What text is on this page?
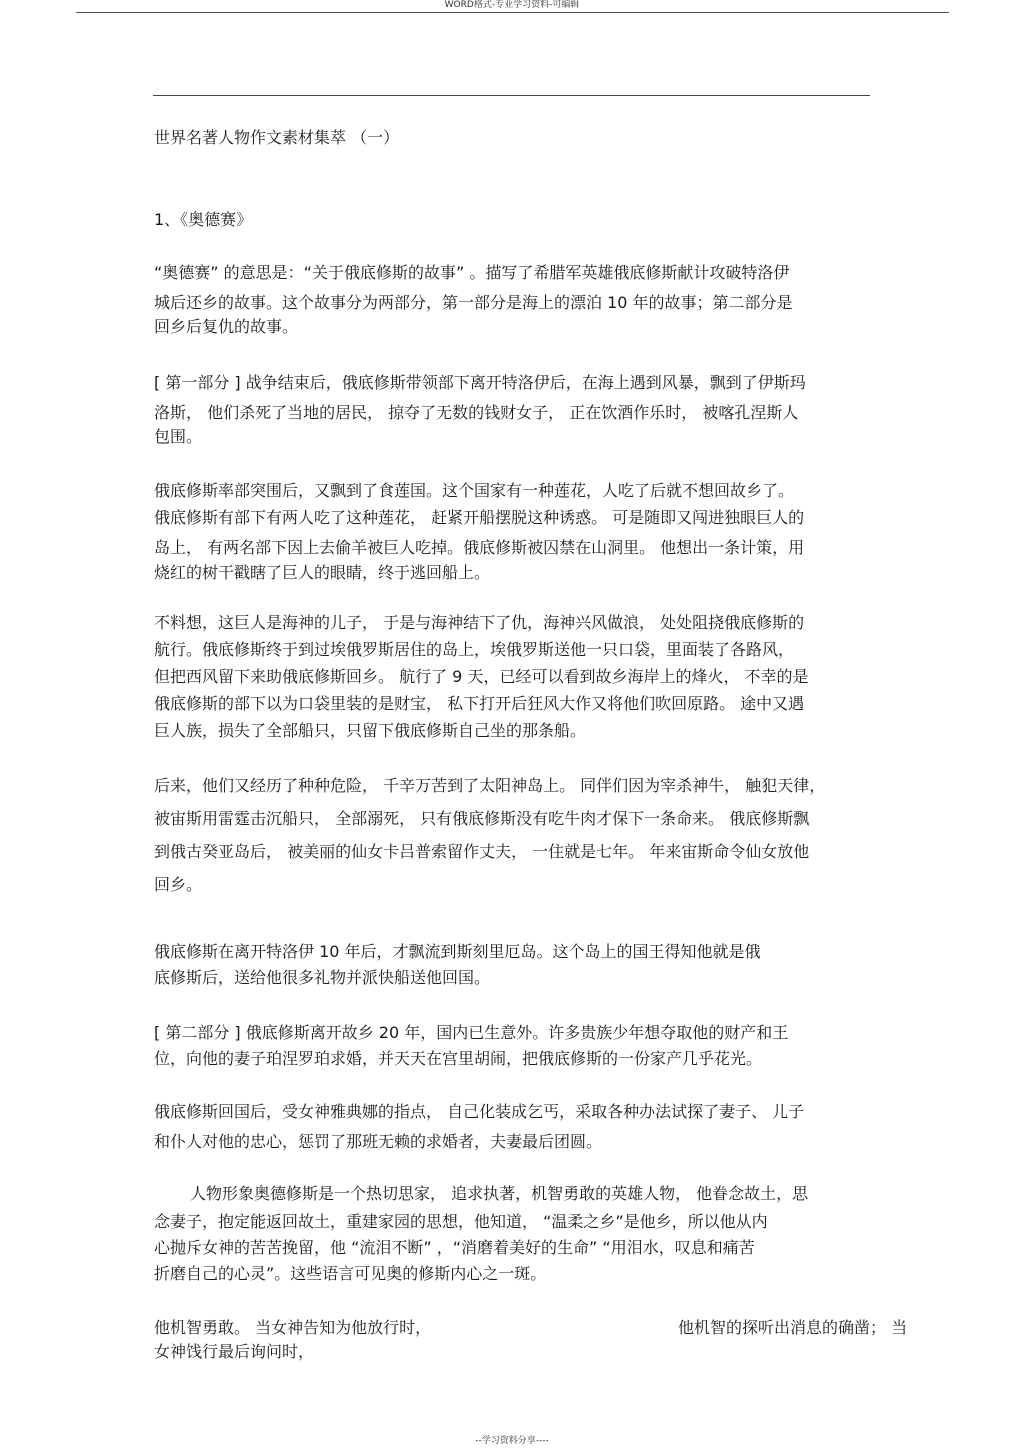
WORD格式-专业学习资料-可编辑
世界名著人物作文素材集萃 （一）
1、《奥德赛》
“奥德赛” 的意思是：“关于俄底修斯的故事” 。描写了希腊军英雄俄底修斯献计攻破特洛伊
城后还乡的故事。这个故事分为两部分，第一部分是海上的漂泊 10 年的故事；第二部分是
回乡后复仇的故事。
[ 第一部分 ] 战争结束后，俄底修斯带领部下离开特洛伊后，在海上遇到风暴，飘到了伊斯玛
洛斯， 他们杀死了当地的居民， 掠夺了无数的钱财女子， 正在饮酒作乐时， 被喀孔涅斯人
包围。
俄底修斯率部突围后，又飘到了食莲国。这个国家有一种莲花，人吃了后就不想回故乡了。
俄底修斯有部下有两人吃了这种莲花， 赶紧开船摆脱这种诱惑。 可是随即又闯进独眼巨人的
岛上， 有两名部下因上去偷羊被巨人吃掉。俄底修斯被囚禁在山洞里。 他想出一条计策，用
烧红的树干戳瞎了巨人的眼睛，终于逃回船上。
不料想，这巨人是海神的儿子， 于是与海神结下了仇，海神兴风做浪， 处处阻挠俄底修斯的
航行。俄底修斯终于到过埃俄罗斯居住的岛上，埃俄罗斯送他一只口袋，里面装了各路风，
但把西风留下来助俄底修斯回乡。 航行了 9 天，已经可以看到故乡海岸上的烽火， 不幸的是
俄底修斯的部下以为口袋里装的是财宝， 私下打开后狂风大作又将他们吹回原路。 途中又遇
巨人族，损失了全部船只，只留下俄底修斯自己坐的那条船。
后来，他们又经历了种种危险， 千辛万苦到了太阳神岛上。 同伴们因为宰杀神牛， 触犯天律，
被宙斯用雷霆击沉船只， 全部溺死， 只有俄底修斯没有吃牛肉才保下一条命来。 俄底修斯飘
到俄古癸亚岛后， 被美丽的仙女卡吕普索留作丈夫， 一住就是七年。 年来宙斯命令仙女放他
回乡。
俄底修斯在离开特洛伊 10 年后，才飘流到斯刻里厄岛。这个岛上的国王得知他就是俄
底修斯后，送给他很多礼物并派快船送他回国。
[ 第二部分 ] 俄底修斯离开故乡 20 年，国内已生意外。许多贵族少年想夺取他的财产和王
位，向他的妻子珀涅罗珀求婚，并天天在宫里胡闹，把俄底修斯的一份家产几乎花光。
俄底修斯回国后，受女神雅典娜的指点， 自己化装成乞丐，采取各种办法试探了妻子、 儿子
和仆人对他的忠心，惩罚了那班无赖的求婚者，夫妻最后团圆。
人物形象奥德修斯是一个热切思家， 追求执著，机智勇敢的英雄人物， 他眷念故土，思
念妻子，抱定能返回故土，重建家园的思想，他知道， “温柔之乡”是他乡，所以他从内
心抛斥女神的苦苦挽留，他 “流泪不断” ，“消磨着美好的生命” “用泪水，叹息和痛苦
折磨自己的心灵”。这些语言可见奥的修斯内心之一斑。
他机智勇敢。 当女神告知为他放行时，
女神饯行最后询问时，
他机智的探听出消息的确凿； 当
--学习资料分享----
